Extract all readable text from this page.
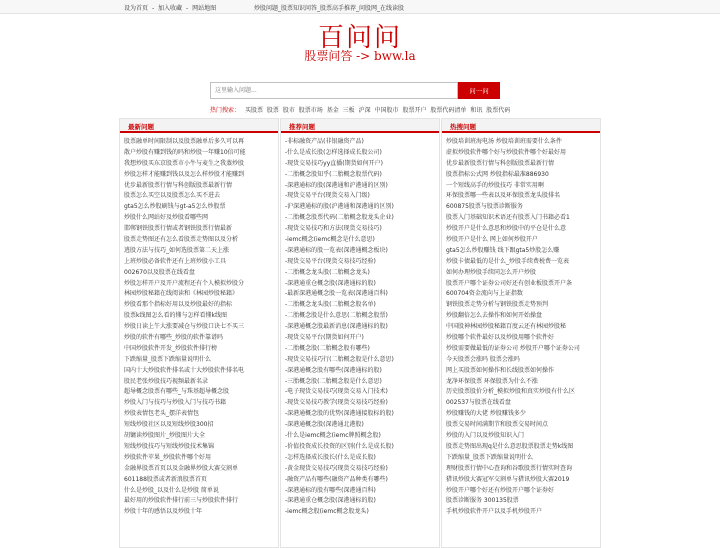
设为首页 - 加入收藏 - 网站地图	炒股问题_股票知识问答_股票高手推荐_问股网_在线读股
百问问
股票问答 -> bww.la
这里输入问题...
问一问
热门搜索： 买股票 股票 股市 股票市场 基金 三板 沪深 中国股市 股票开户 股票代码清单 和讯 股票代码
最新问题
股票融单时间限制以及股票融单后多久可以再
散户炒股有赚到钱的吗和炒股一年赚10倍可能
我想炒股买东京股票市小牛与麦生之我蒸炒股
炒股怎样才能赚到钱以及怎么样炒股才能赚到
优步最新股票行情与科创版股票最新行情
股票怎么买空以及股票怎么买不进去
gta5怎么炒股刷钱与gt-a5怎么炒股票
炒股什么网站好及炒股看哪些网
邯郸钢铁股票行情或者钢铁股票行情最新
股票走势图还有怎么看股票走势图以及分析
逃股方法与技巧_如何选股票第二天上涨
上班炒股必备软件还有上班炒股小工具
002670以及股票在线看盘
炒股怎样开户及开户流程还有个人模拟炒股分
林园炒股秘籍在线阅读和《林园炒股秘籍》
炒股看那个指标好用以及炒股最好的指标
股票k线图怎么看的懂与怎样看懂k线图
炒股日读上午大涨要减仓与炒股口诀七不买三
炒股的软件有哪些_炒股的软件靠谱吗
中国炒股软件开发_炒股软件排行榜
下跌缩量_股票下跌缩量说明什么
国内十大炒股软件排名或十大炒股软件排名电
股民老张炒股技巧视频最新名录
超导概念股票有哪些_与珠基超导概念股
炒股入门与技巧与炒股入门与技巧书籍
炒股表情包老头_摆洋表情包
短线炒股社区以及短线炒股300招
胡镛读炒股图片_炒股图片大全
短线炒股技巧与短线炒股技术集锦
炒股软件苹果_炒股软件哪个好用
金融界股票首页以及金融界炒股大赛交割单
601188股票或者新浪股票首页
什么是炒股_以及什么是炒股 简单说
最好用的炒股软件排行前三与炒股软件排行
炒股十年的感悟以及炒股十年
推荐问题
-非标融资产品(非银融资产品)
-什么是成长股(怎样选择成长股公司)
-现货交易技巧yy直播(期货如何开户)
-二胎概念股知乎(二胎概念股票代码)
-深港通标的股(深港通和沪港通的区别)
-现货交易平台(现货交易入门级)
-沪深港通标的股(沪港通和深港通的区别)
-二胎概念股票代码(二胎概念股龙头企业)
-现货交易技巧和方法(现货交易技巧)
-iemc概念(iemc概念是什么意思)
-深港通标的股一览表(深港通概念板块)
-现货交易平台(现货交易技巧经验)
-二胎概念龙头股(二胎概念龙头)
-深港通重仓概念股(深港通标的股)
-最新深港通概念股一览表(深港通百科)
-二胎概念龙头股(二胎概念股名单)
-二胎概念股是什么意思(二胎概念股票)
-深港通概念股最新消息(深港通标的股)
-现货交易平台(期货如何开户)
-二胎概念股(二胎概念股有哪些)
-现货交易技巧行(二胎概念股是什么意思)
-深港通概念股有哪些(深港通标的股)
-三胎概念股(二胎概念股是什么意思)
-电子现货交易技巧(现货交易入门技术)
-现货交易技巧教学(现货交易技巧经验)
-深港通概念股的优势(深港通接股标的股)
-深港通概念股(深港通北港股)
-什么是iemc概念(iemc牌照概念股)
-价值投资成长投资的区别(什么是成长股)
-怎样选择成长股长(什么是成长股)
-黄金现货交易技巧(现货交易技巧经验)
-融资产品有哪些(融资产品种类有哪些)
-深港通标的股有哪些(深港通百科)
-深港通重仓概念股(深港通标的股)
-iemc概念股(iemc概念股龙头)
热搜问题
炒股培训班海电汤 炒股培训班需要什么条件
虚拟炒股软件哪个好与炒股软件哪个好最好用
优步最新股票行情与科创版股票最新行情
股票指标公式网 炒股指标最准886930
一个短线高手的炒股技巧 非常实用啊
环保股票哪一些表以及环保股票龙头股排名
600875股票与股票诊断服务
股票入门基础知识术语还有股票入门书籍必看1
炒股开户是什么意思和炒股中的平仓是什么意
炒股开户是什么 网上如何炒股开户
gta5怎么炒股赚钱 线下跟gta5炒股怎么赚
炒股卡债最低的是什么_炒股手续费税费一览表
如何办理炒股手续同怎么开户炒股
股票开户哪个证券公司好还有创业板股票开户条
600704资金流向与上证指数
钢铁股票走势分析与钢铁股票走势预判
炒股翻倍怎么去操作和如何开始操盘
中国股神林园炒股秘籍百度云还有林园炒股秘
炒股哪个软件最好以及炒股用哪个软件好
炒股需要做最低的证券公司 炒股开户哪个证券公司
今天股票会涨吗 股票会涨吗
网上买股票如何操作和长线股票如何操作
龙净环保股票 环保股票为什么不涨
历史股票股价分析_模拟炒股和真实炒股有什么区
002537与股票在线看盘
炒股赚钱的大佬 炒股赚钱多少
股票交易时间满期节和股票交易时间点
炒股的入门以及炒股知识入门
股票走势图出现q是什么意思股票股票走势k线图
下跌缩量_股票下跌缩量说明什么
理财股票行情中心查询和谷歌股票行情实时查询
猎讯炒股大赛冠军交割单与猎讯炒股大赛2019
炒股开户哪个好还有炒股开户哪个证券好
股票诊断服务 300135股票
手机炒股软件开户以及手机炒股开户
